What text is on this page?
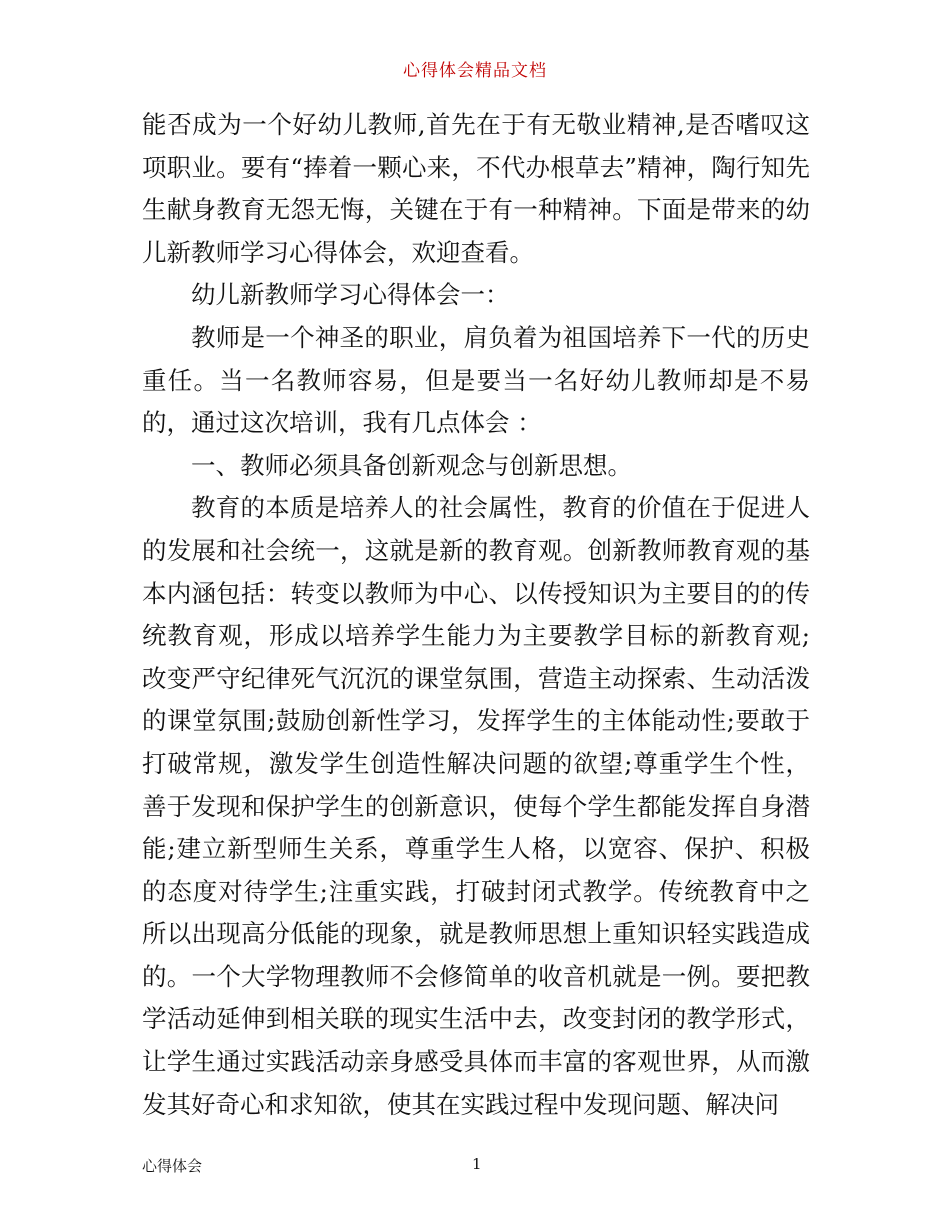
心得体会精品文档

能否成为一个好幼儿教师,首先在于有无敬业精神,是否嗜叹这项职业。要有“捧着一颗心来，不代办根草去”精神，陶行知先生献身教育无怨无悔，关键在于有一种精神。下面是带来的幼儿新教师学习心得体会，欢迎查看。

幼儿新教师学习心得体会一：

教师是一个神圣的职业，肩负着为祖国培养下一代的历史重任。当一名教师容易，但是要当一名好幼儿教师却是不易的，通过这次培训，我有几点体会 ：

一、教师必须具备创新观念与创新思想。

教育的本质是培养人的社会属性，教育的价值在于促进人的发展和社会统一，这就是新的教育观。创新教师教育观的基本内涵包括：转变以教师为中心、以传授知识为主要目的的传统教育观，形成以培养学生能力为主要教学目标的新教育观;改变严守纪律死气沉沉的课堂氛围，营造主动探索、生动活泼的课堂氛围;鼓励创新性学习，发挥学生的主体能动性;要敢于打破常规，激发学生创造性解决问题的欲望;尊重学生个性，善于发现和保护学生的创新意识，使每个学生都能发挥自身潜能;建立新型师生关系，尊重学生人格，以宽容、保护、积极的态度对待学生;注重实践，打破封闭式教学。传统教育中之所以出现高分低能的现象，就是教师思想上重知识轻实践造成的。一个大学物理教师不会修简单的收音机就是一例。要把教学活动延伸到相关联的现实生活中去，改变封闭的教学形式，让学生通过实践活动亲身感受具体而丰富的客观世界，从而激发其好奇心和求知欲，使其在实践过程中发现问题、解决问

心得体会	1
